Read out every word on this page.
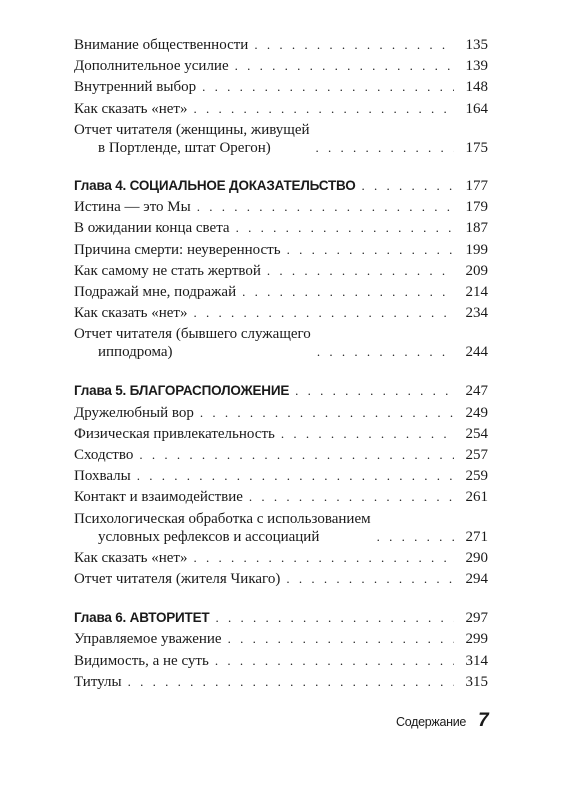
Внимание общественности . . .	135
Дополнительное усилие . . .	139
Внутренний выбор . . .	148
Как сказать «нет» . . .	164
Отчет читателя (женщины, живущей
в Портленде, штат Орегон) . . .	175
Глава 4. СОЦИАЛЬНОЕ ДОКАЗАТЕЛЬСТВО . . .	177
Истина — это Мы . . .	179
В ожидании конца света . . .	187
Причина смерти: неуверенность . . .	199
Как самому не стать жертвой . . .	209
Подражай мне, подражай . . .	214
Как сказать «нет» . . .	234
Отчет читателя (бывшего служащего
ипподрома) . . .	244
Глава 5. БЛАГОРАСПОЛОЖЕНИЕ . . .	247
Дружелюбный вор . . .	249
Физическая привлекательность . . .	254
Сходство . . .	257
Похвалы . . .	259
Контакт и взаимодействие . . .	261
Психологическая обработка с использованием
условных рефлексов и ассоциаций . . .	271
Как сказать «нет» . . .	290
Отчет читателя (жителя Чикаго) . . .	294
Глава 6. АВТОРИТЕТ . . .	297
Управляемое уважение . . .	299
Видимость, а не суть . . .	314
Титулы . . .	315
Содержание 7
